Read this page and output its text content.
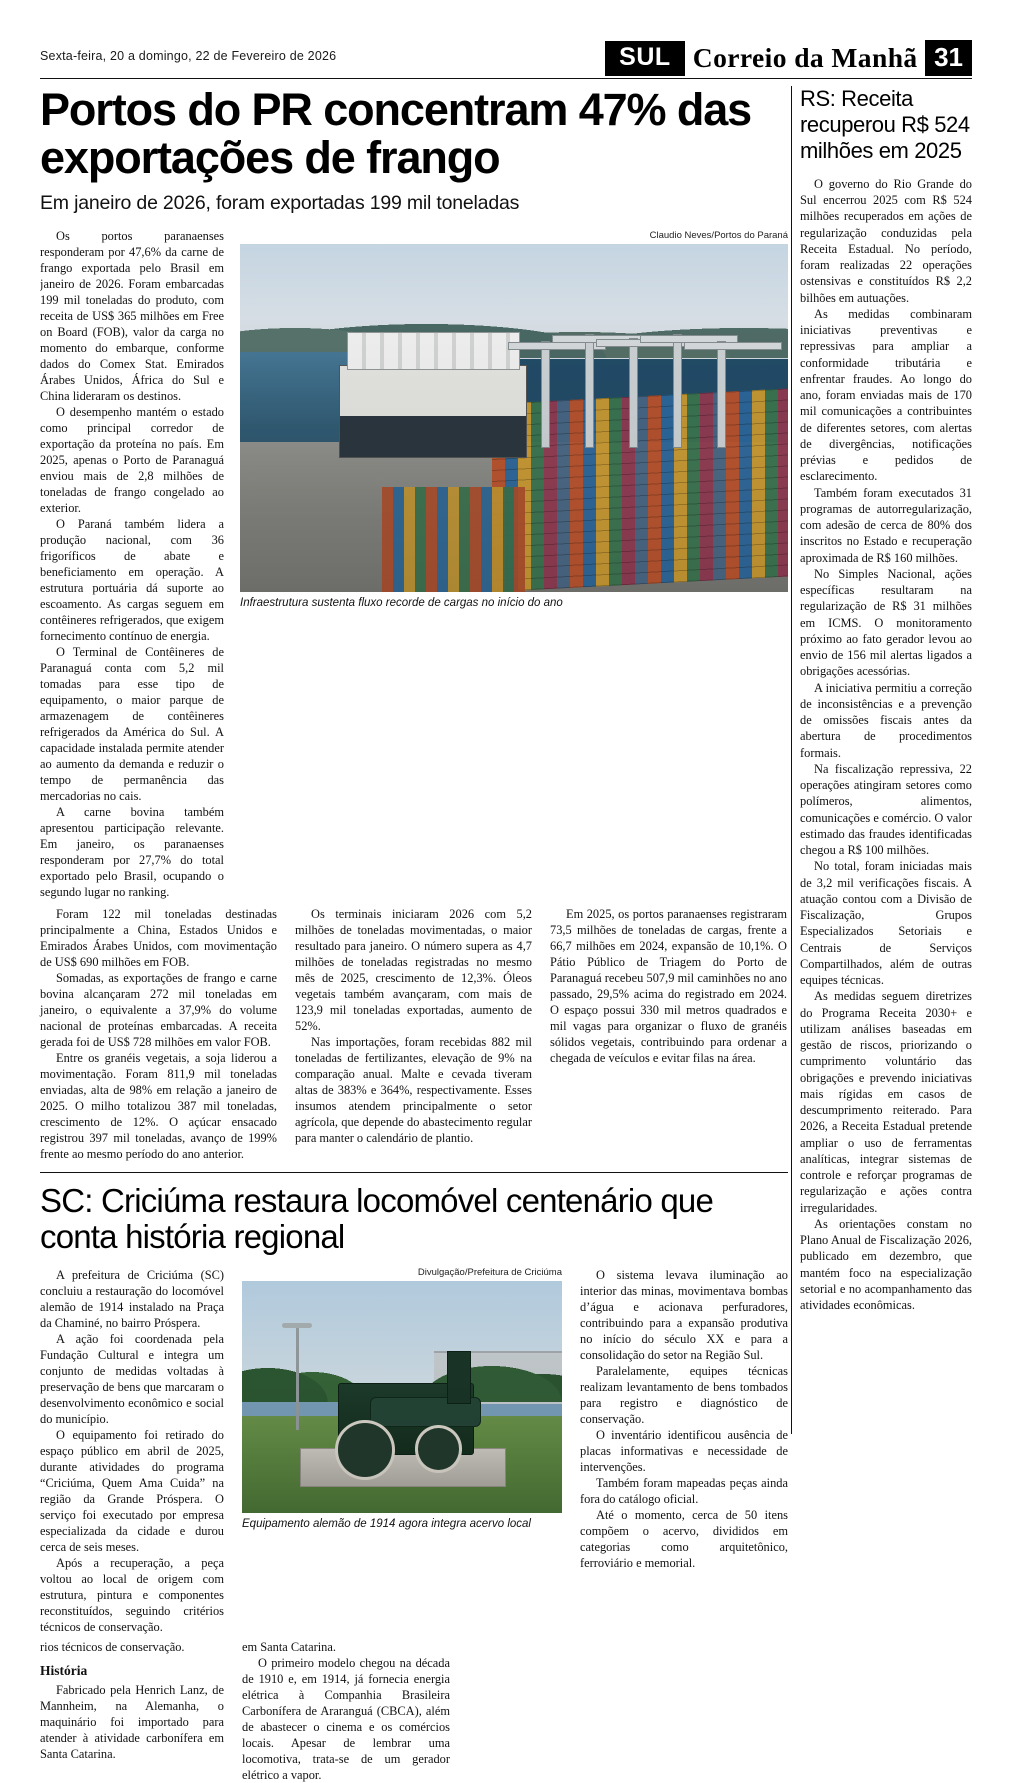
Sexta-feira, 20 a domingo, 22 de Fevereiro de 2026	SUL Correio da Manhã 31
Portos do PR concentram 47% das exportações de frango
Em janeiro de 2026, foram exportadas 199 mil toneladas
Claudio Neves/Portos do Paraná
Infraestrutura sustenta fluxo recorde de cargas no início do ano

Os portos paranaenses responderam por 47,6% da carne de frango exportada pelo Brasil em janeiro de 2026. Foram embarcadas 199 mil toneladas do produto, com receita de US$ 365 milhões em Free on Board (FOB), valor da carga no momento do embarque, conforme dados do Comex Stat. Emirados Árabes Unidos, África do Sul e China lideraram os destinos.

O desempenho mantém o estado como principal corredor de exportação da proteína no país. Em 2025, apenas o Porto de Paranaguá enviou mais de 2,8 milhões de toneladas de frango congelado ao exterior.

O Paraná também lidera a produção nacional, com 36 frigoríficos de abate e beneficiamento em operação. A estrutura portuária dá suporte ao escoamento. As cargas seguem em contêineres refrigerados, que exigem fornecimento contínuo de energia.

O Terminal de Contêineres de Paranaguá conta com 5,2 mil tomadas para esse tipo de equipamento, o maior parque de armazenagem de contêineres refrigerados da América do Sul. A capacidade instalada permite atender ao aumento da demanda e reduzir o tempo de permanência das mercadorias no cais.

A carne bovina também apresentou participação relevante. Em janeiro, os paranaenses responderam por 27,7% do total exportado pelo Brasil, ocupando o segundo lugar no ranking.

Foram 122 mil toneladas destinadas principalmente a China, Estados Unidos e Emirados Árabes Unidos, com movimentação de US$ 690 milhões em FOB.

Somadas, as exportações de frango e carne bovina alcançaram 272 mil toneladas em janeiro, o equivalente a 37,9% do volume nacional de proteínas embarcadas. A receita gerada foi de US$ 728 milhões em valor FOB.

Entre os granéis vegetais, a soja liderou a movimentação. Foram 811,9 mil toneladas enviadas, alta de 98% em relação a janeiro de 2025. O milho totalizou 387 mil toneladas, crescimento de 12%. O açúcar ensacado registrou 397 mil toneladas, avanço de 199% frente ao mesmo período do ano anterior.

Os terminais iniciaram 2026 com 5,2 milhões de toneladas movimentadas, o maior resultado para janeiro. O número supera as 4,7 milhões de toneladas registradas no mesmo mês de 2025, crescimento de 12,3%. Óleos vegetais também avançaram, com mais de 123,9 mil toneladas exportadas, aumento de 52%.

Nas importações, foram recebidas 882 mil toneladas de fertilizantes, elevação de 9% na comparação anual. Malte e cevada tiveram altas de 383% e 364%, respectivamente. Esses insumos atendem principalmente o setor agrícola, que depende do abastecimento regular para manter o calendário de plantio.

Em 2025, os portos paranaenses registraram 73,5 milhões de toneladas de cargas, frente a 66,7 milhões em 2024, expansão de 10,1%. O Pátio Público de Triagem do Porto de Paranaguá recebeu 507,9 mil caminhões no ano passado, 29,5% acima do registrado em 2024. O espaço possui 330 mil metros quadrados e mil vagas para organizar o fluxo de granéis sólidos vegetais, contribuindo para ordenar a chegada de veículos e evitar filas na área.

SC: Criciúma restaura locomóvel centenário que conta história regional

A prefeitura de Criciúma (SC) concluiu a restauração do locomóvel alemão de 1914 instalado na Praça da Chaminé, no bairro Próspera.

A ação foi coordenada pela Fundação Cultural e integra um conjunto de medidas voltadas à preservação de bens que marcaram o desenvolvimento econômico e social do município.

O equipamento foi retirado do espaço público em abril de 2025, durante atividades do programa “Criciúma, Quem Ama Cuida” na região da Grande Próspera. O serviço foi executado por empresa especializada da cidade e durou cerca de seis meses.

Após a recuperação, a peça voltou ao local de origem com estrutura, pintura e componentes reconstituídos, seguindo critérios técnicos de conservação.

Divulgação/Prefeitura de Criciúma
Equipamento alemão de 1914 agora integra acervo local

O sistema levava iluminação ao interior das minas, movimentava bombas d’água e acionava perfuradores, contribuindo para a expansão produtiva no início do século XX e para a consolidação do setor na Região Sul.

Paralelamente, equipes técnicas realizam levantamento de bens tombados para registro e diagnóstico de conservação.

O inventário identificou ausência de placas informativas e necessidade de intervenções.

Também foram mapeadas peças ainda fora do catálogo oficial.

Até o momento, cerca de 50 itens compõem o acervo, divididos em categorias como arquitetônico, ferroviário e memorial.

rios técnicos de conservação.

História

Fabricado pela Henrich Lanz, de Mannheim, na Alemanha, o maquinário foi importado para atender à atividade carbonífera em Santa Catarina.

em Santa Catarina.

O primeiro modelo chegou na década de 1910 e, em 1914, já fornecia energia elétrica à Companhia Brasileira Carbonífera de Araranguá (CBCA), além de abastecer o cinema e os comércios locais. Apesar de lembrar uma locomotiva, trata-se de um gerador elétrico a vapor.

RS: Receita recuperou R$ 524 milhões em 2025

O governo do Rio Grande do Sul encerrou 2025 com R$ 524 milhões recuperados em ações de regularização conduzidas pela Receita Estadual. No período, foram realizadas 22 operações ostensivas e constituídos R$ 2,2 bilhões em autuações.

As medidas combinaram iniciativas preventivas e repressivas para ampliar a conformidade tributária e enfrentar fraudes. Ao longo do ano, foram enviadas mais de 170 mil comunicações a contribuintes de diferentes setores, com alertas de divergências, notificações prévias e pedidos de esclarecimento.

Também foram executados 31 programas de autorregularização, com adesão de cerca de 80% dos inscritos no Estado e recuperação aproximada de R$ 160 milhões.

No Simples Nacional, ações específicas resultaram na regularização de R$ 31 milhões em ICMS. O monitoramento próximo ao fato gerador levou ao envio de 156 mil alertas ligados a obrigações acessórias.

A iniciativa permitiu a correção de inconsistências e a prevenção de omissões fiscais antes da abertura de procedimentos formais.

Na fiscalização repressiva, 22 operações atingiram setores como polímeros, alimentos, comunicações e comércio. O valor estimado das fraudes identificadas chegou a R$ 100 milhões.

No total, foram iniciadas mais de 3,2 mil verificações fiscais. A atuação contou com a Divisão de Fiscalização, Grupos Especializados Setoriais e Centrais de Serviços Compartilhados, além de outras equipes técnicas.

As medidas seguem diretrizes do Programa Receita 2030+ e utilizam análises baseadas em gestão de riscos, priorizando o cumprimento voluntário das obrigações e prevendo iniciativas mais rígidas em casos de descumprimento reiterado. Para 2026, a Receita Estadual pretende ampliar o uso de ferramentas analíticas, integrar sistemas de controle e reforçar programas de regularização e ações contra irregularidades.

As orientações constam no Plano Anual de Fiscalização 2026, publicado em dezembro, que mantém foco na especialização setorial e no acompanhamento das atividades econômicas.
